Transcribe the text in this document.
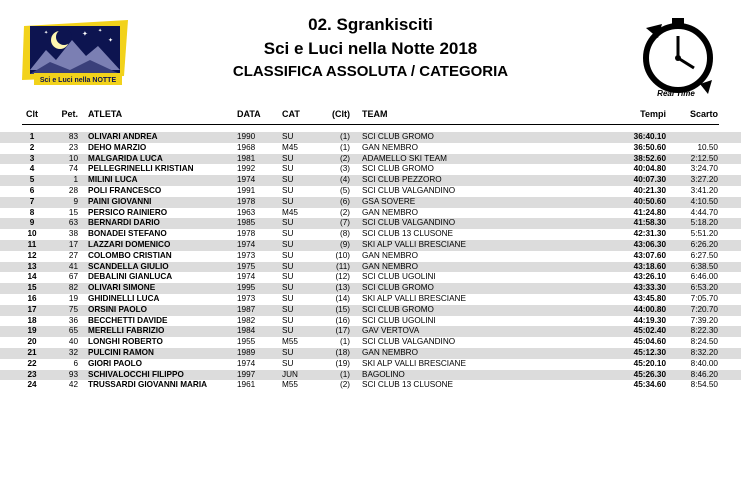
✦ ✦
✦
✦
Sci e Luci nella NOTTE
02. Sgrankisciti
Sci e Luci nella Notte 2018
CLASSIFICA ASSOLUTA / CATEGORIA
Real Time
Clt	Pet. ATLETA	DATA CAT	(Clt) TEAM	Tempi	Scarto
1	83 OLIVARI ANDREA	1990	SU	(1) SCI CLUB GROMO	36:40.10
2	23 DEHO MARZIO	1968	M45	(1) GAN NEMBRO	36:50.60	10.50
3	10 MALGARIDA LUCA	1981	SU	(2) ADAMELLO SKI TEAM	38:52.60	2:12.50
4	74 PELLEGRINELLI KRISTIAN	1992	SU	(3) SCI CLUB GROMO	40:04.80	3:24.70
5	1 MILINI LUCA	1974	SU	(4) SCI CLUB PEZZORO	40:07.30	3:27.20
6	28 POLI FRANCESCO	1991	SU	(5) SCI CLUB VALGANDINO	40:21.30	3:41.20
7	9 PAINI GIOVANNI	1978	SU	(6) GSA SOVERE	40:50.60	4:10.50
8	15 PERSICO RAINIERO	1963	M45	(2) GAN NEMBRO	41:24.80	4:44.70
9	63 BERNARDI DARIO	1985	SU	(7) SCI CLUB VALGANDINO	41:58.30	5:18.20
10	38 BONADEI STEFANO	1978	SU	(8) SCI CLUB 13 CLUSONE	42:31.30	5:51.20
11	17 LAZZARI DOMENICO	1974	SU	(9) SKI ALP VALLI BRESCIANE	43:06.30	6:26.20
12	27 COLOMBO CRISTIAN	1973	SU	(10) GAN NEMBRO	43:07.60	6:27.50
13	41 SCANDELLA GIULIO	1975	SU	(11) GAN NEMBRO	43:18.60	6:38.50
14	67 DEBALINI GIANLUCA	1974	SU	(12) SCI CLUB UGOLINI	43:26.10	6:46.00
15	82 OLIVARI SIMONE	1995	SU	(13) SCI CLUB GROMO	43:33.30	6:53.20
16	19 GHIDINELLI LUCA	1973	SU	(14) SKI ALP VALLI BRESCIANE	43:45.80	7:05.70
17	75 ORSINI PAOLO	1987	SU	(15) SCI CLUB GROMO	44:00.80	7:20.70
18	36 BECCHETTI DAVIDE	1982	SU	(16) SCI CLUB UGOLINI	44:19.30	7:39.20
19	65 MERELLI FABRIZIO	1984	SU	(17) GAV VERTOVA	45:02.40	8:22.30
20	40 LONGHI ROBERTO	1955	M55	(1) SCI CLUB VALGANDINO	45:04.60	8:24.50
21	32 PULCINI RAMON	1989	SU	(18) GAN NEMBRO	45:12.30	8:32.20
22	6 GIORI PAOLO	1974	SU	(19) SKI ALP VALLI BRESCIANE	45:20.10	8:40.00
23	93 SCHIVALOCCHI FILIPPO	1997	JUN	(1) BAGOLINO	45:26.30	8:46.20
24	42 TRUSSARDI GIOVANNI MARIA	1961	M55	(2) SCI CLUB 13 CLUSONE	45:34.60	8:54.50
